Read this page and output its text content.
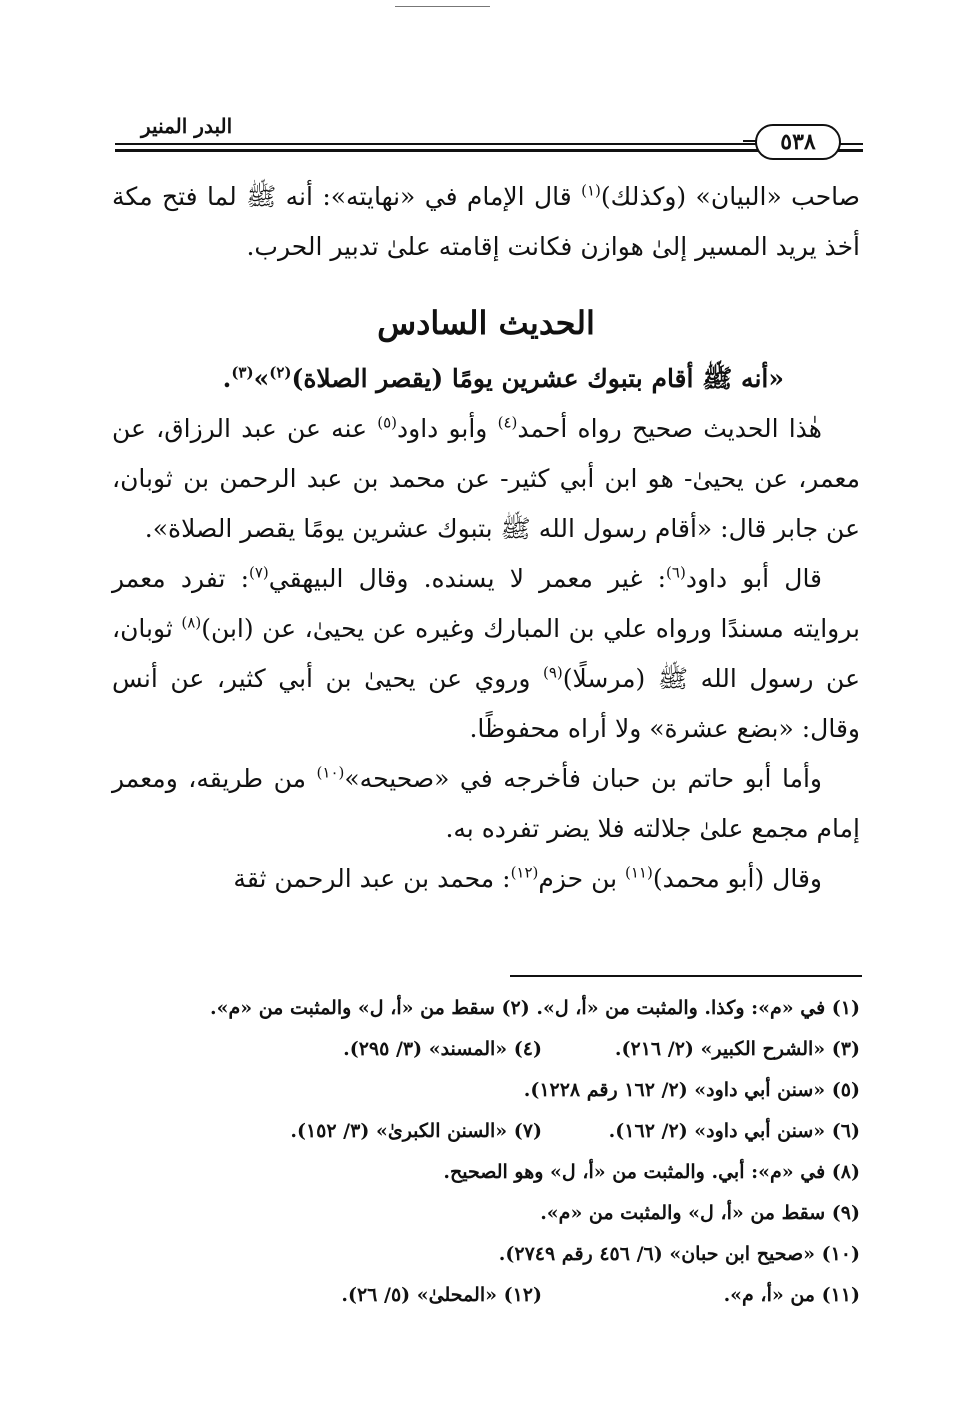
البدر المنير
٥٣٨

صاحب «البيان» (وكذلك)$^{(١)}$ قال الإمام في «نهايته»: أنه ﷺ لما فتح مكة أخذ يريد المسير إلىٰ هوازن فكانت إقامته علىٰ تدبير الحرب.

الحديث السادس

«أنه ﷺ أقام بتبوك عشرين يومًا (يقصر الصلاة)$^{(٢)}$»$^{(٣)}$.

هٰذا الحديث صحيح رواه أحمد$^{(٤)}$ وأبو داود$^{(٥)}$ عنه عن عبد الرزاق، عن معمر، عن يحيىٰ- هو ابن أبي كثير- عن محمد بن عبد الرحمن بن ثوبان، عن جابر قال: «أقام رسول الله ﷺ بتبوك عشرين يومًا يقصر الصلاة».

قال أبو داود$^{(٦)}$: غير معمر لا يسنده. وقال البيهقي$^{(٧)}$: تفرد معمر بروايته مسندًا ورواه علي بن المبارك وغيره عن يحيىٰ، عن (ابن)$^{(٨)}$ ثوبان، عن رسول الله ﷺ (مرسلًا)$^{(٩)}$ وروي عن يحيىٰ بن أبي كثير، عن أنس وقال: «بضع عشرة» ولا أراه محفوظًا.

وأما أبو حاتم بن حبان فأخرجه في «صحيحه»$^{(١٠)}$ من طريقه، ومعمر إمام مجمع علىٰ جلالته فلا يضر تفرده به.

وقال (أبو محمد)$^{(١١)}$ بن حزم$^{(١٢)}$: محمد بن عبد الرحمن ثقة

(١) في «م»: وكذا. والمثبت من «أ، ل». (٢) سقط من «أ، ل» والمثبت من «م».
(٣) «الشرح الكبير» (٢/ ٢١٦).
(٤) «المسند» (٣/ ٢٩٥).
(٥) «سنن أبي داود» (٢/ ١٦٢ رقم ١٢٢٨).
(٦) «سنن أبي داود» (٢/ ١٦٢).
(٧) «السنن الكبرىٰ» (٣/ ١٥٢).
(٨) في «م»: أبي. والمثبت من «أ، ل» وهو الصحيح.
(٩) سقط من «أ، ل» والمثبت من «م».
(١٠) «صحيح ابن حبان» (٦/ ٤٥٦ رقم ٢٧٤٩).
(١١) من «أ، م».
(١٢) «المحلىٰ» (٥/ ٢٦).
